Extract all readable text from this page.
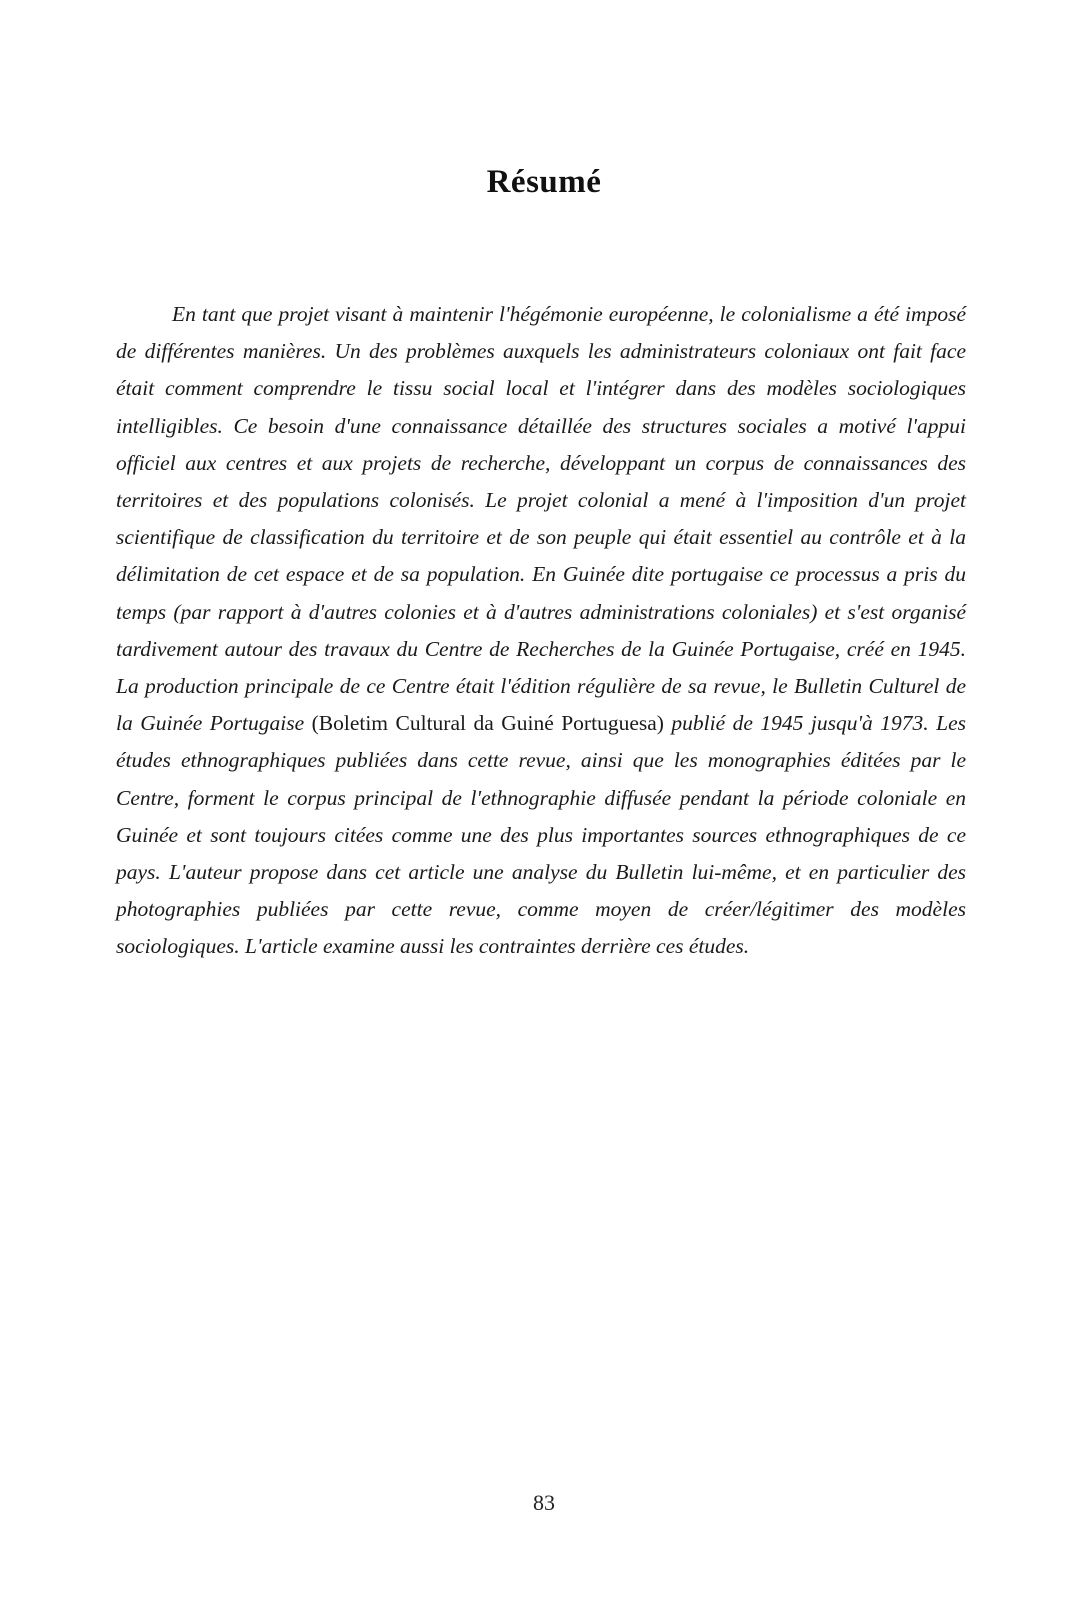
Résumé

En tant que projet visant à maintenir l'hégémonie européenne, le colonialisme a été imposé de différentes manières. Un des problèmes auxquels les administrateurs coloniaux ont fait face était comment comprendre le tissu social local et l'intégrer dans des modèles sociologiques intelligibles. Ce besoin d'une connaissance détaillée des structures sociales a motivé l'appui officiel aux centres et aux projets de recherche, développant un corpus de connaissances des territoires et des populations colonisés. Le projet colonial a mené à l'imposition d'un projet scientifique de classification du territoire et de son peuple qui était essentiel au contrôle et à la délimitation de cet espace et de sa population. En Guinée dite portugaise ce processus a pris du temps (par rapport à d'autres colonies et à d'autres administrations coloniales) et s'est organisé tardivement autour des travaux du Centre de Recherches de la Guinée Portugaise, créé en 1945. La production principale de ce Centre était l'édition régulière de sa revue, le Bulletin Culturel de la Guinée Portugaise (Boletim Cultural da Guiné Portuguesa) publié de 1945 jusqu'à 1973. Les études ethnographiques publiées dans cette revue, ainsi que les monographies éditées par le Centre, forment le corpus principal de l'ethnographie diffusée pendant la période coloniale en Guinée et sont toujours citées comme une des plus importantes sources ethnographiques de ce pays. L'auteur propose dans cet article une analyse du Bulletin lui-même, et en particulier des photographies publiées par cette revue, comme moyen de créer/légitimer des modèles sociologiques. L'article examine aussi les contraintes derrière ces études.

83
